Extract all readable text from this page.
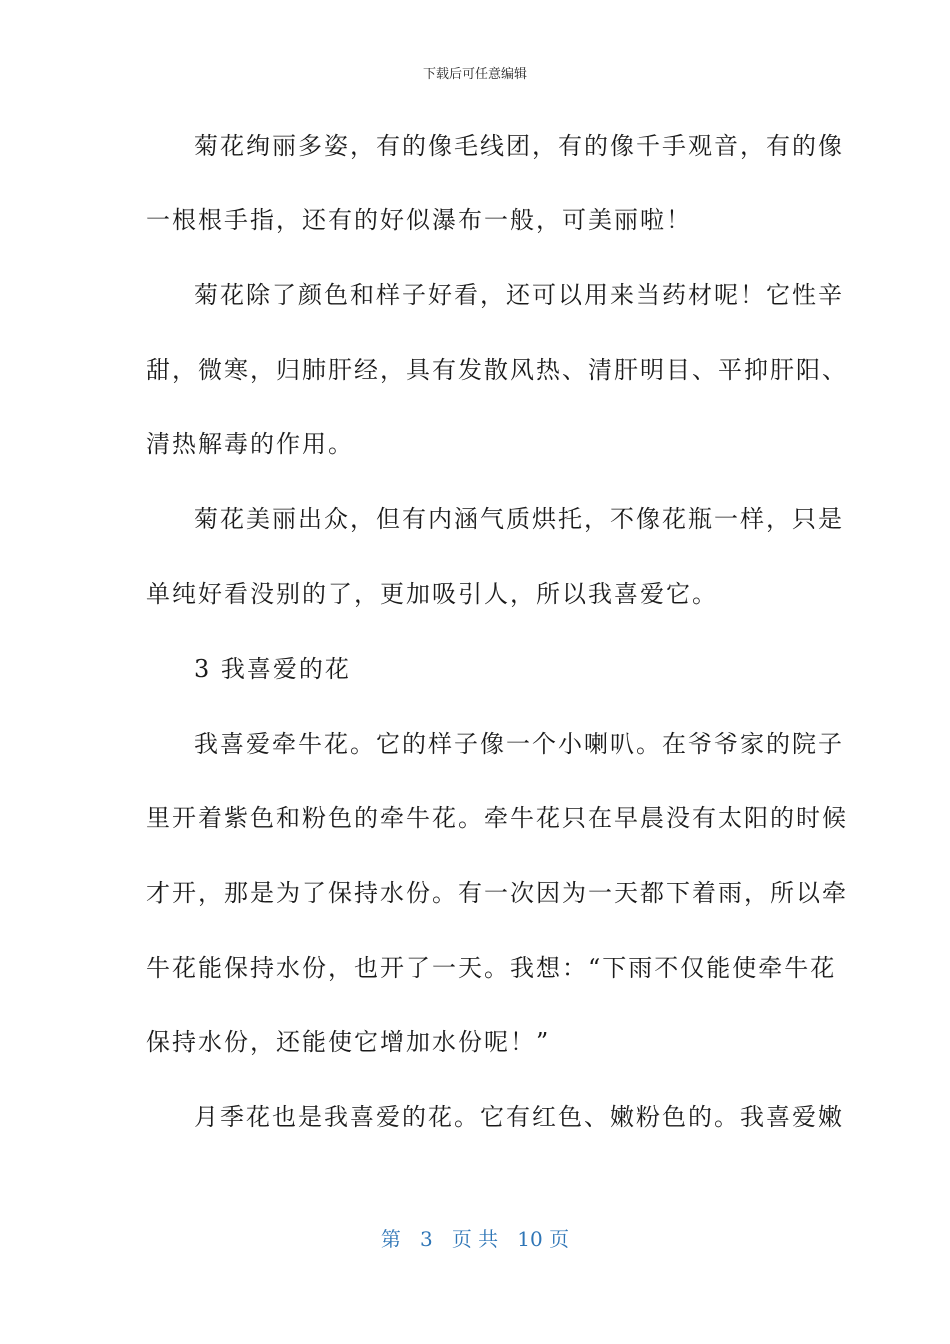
下载后可任意编辑
菊花绚丽多姿，有的像毛线团，有的像千手观音，有的像
一根根手指，还有的好似瀑布一般，可美丽啦！
菊花除了颜色和样子好看，还可以用来当药材呢！它性辛
甜，微寒，归肺肝经，具有发散风热、清肝明目、平抑肝阳、
清热解毒的作用。
菊花美丽出众，但有内涵气质烘托，不像花瓶一样，只是
单纯好看没别的了，更加吸引人，所以我喜爱它。
3 我喜爱的花
我喜爱牵牛花。它的样子像一个小喇叭。在爷爷家的院子
里开着紫色和粉色的牵牛花。牵牛花只在早晨没有太阳的时候
才开，那是为了保持水份。有一次因为一天都下着雨，所以牵
牛花能保持水份，也开了一天。我想：“下雨不仅能使牵牛花
保持水份，还能使它增加水份呢！”
月季花也是我喜爱的花。它有红色、嫩粉色的。我喜爱嫩
第 3 页 共 10 页
